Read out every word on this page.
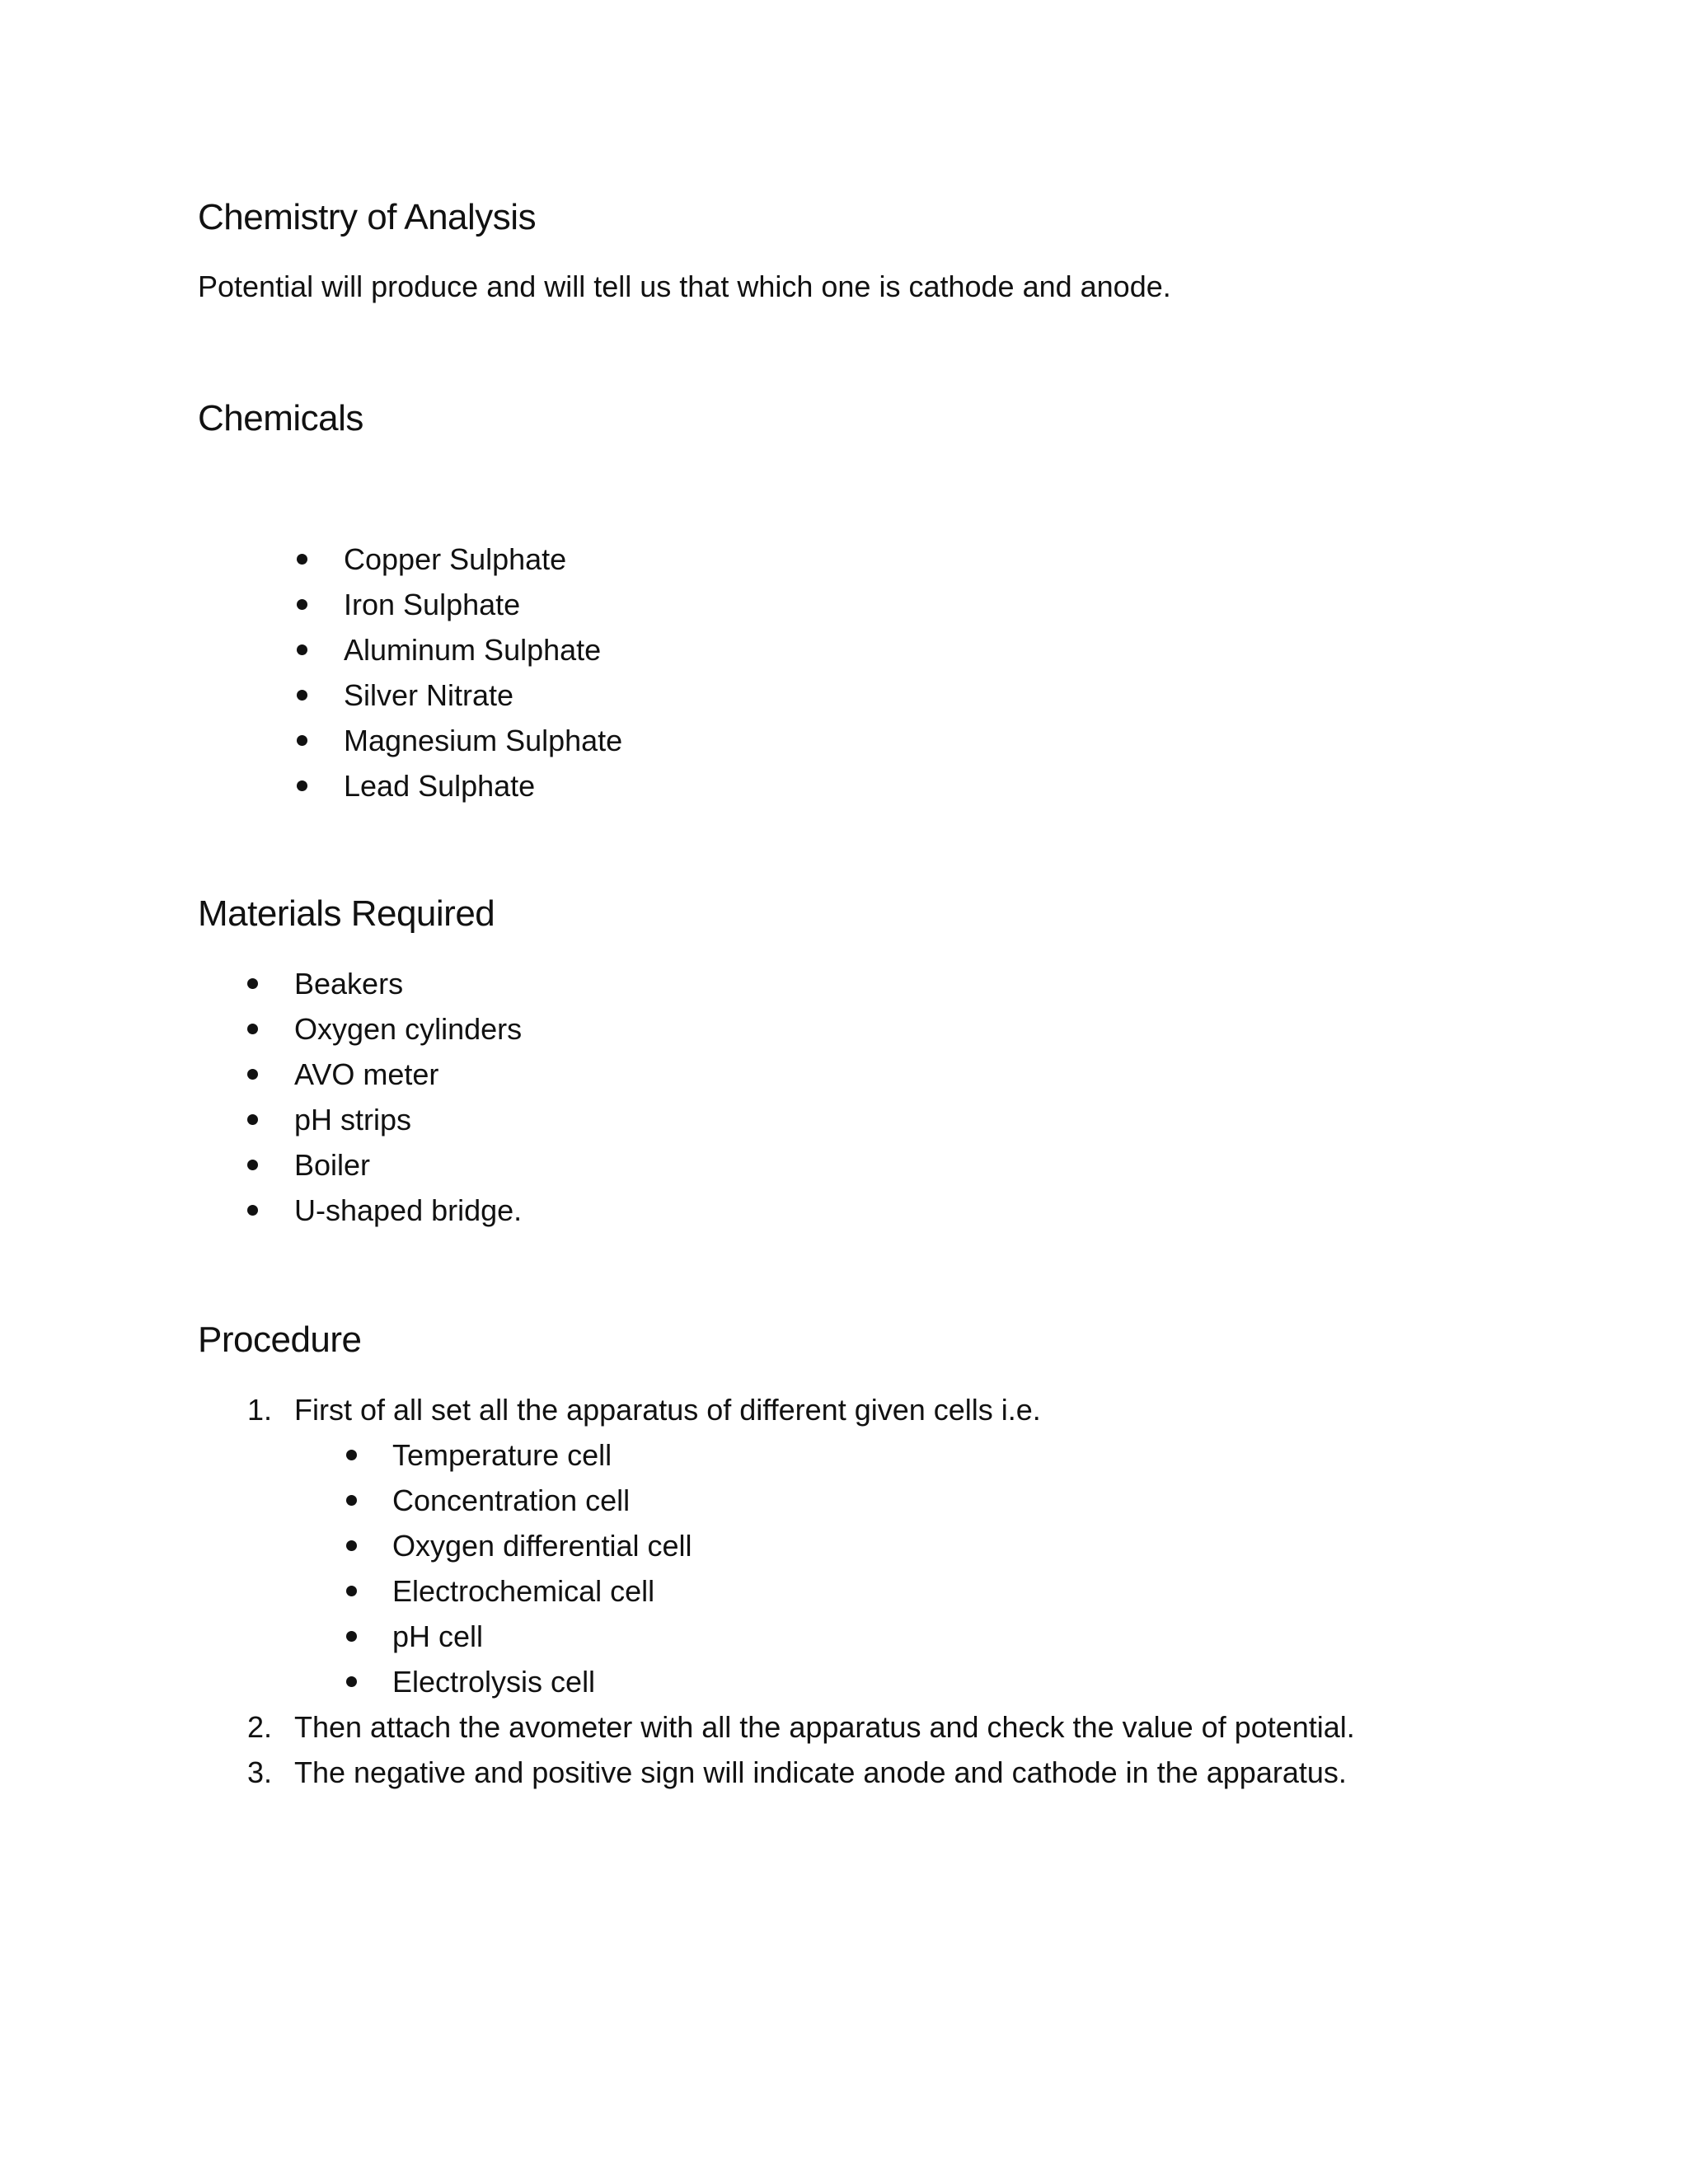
Chemistry of Analysis

Potential will produce and will tell us that which one is cathode and anode.

Chemicals
Copper Sulphate
Iron Sulphate
Aluminum Sulphate
Silver Nitrate
Magnesium Sulphate
Lead Sulphate
Materials Required
Beakers
Oxygen cylinders
AVO meter
pH strips
Boiler
U-shaped bridge.
Procedure
1. First of all set all the apparatus of different given cells i.e.
Temperature cell
Concentration cell
Oxygen differential cell
Electrochemical cell
pH cell
Electrolysis cell
2. Then attach the avometer with all the apparatus and check the value of potential.
3. The negative and positive sign will indicate anode and cathode in the apparatus.
